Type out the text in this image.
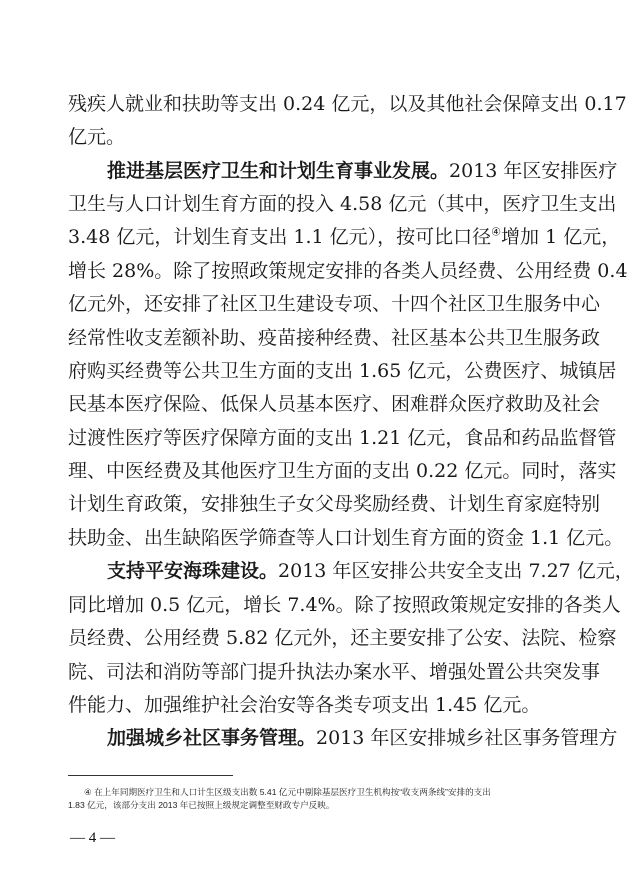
残疾人就业和扶助等支出 0.24 亿元，以及其他社会保障支出 0.17
亿元。
推进基层医疗卫生和计划生育事业发展。2013 年区安排医疗
卫生与人口计划生育方面的投入 4.58 亿元（其中，医疗卫生支出
3.48 亿元，计划生育支出 1.1 亿元），按可比口径④增加 1 亿元，
增长 28%。除了按照政策规定安排的各类人员经费、公用经费 0.4
亿元外，还安排了社区卫生建设专项、十四个社区卫生服务中心
经常性收支差额补助、疫苗接种经费、社区基本公共卫生服务政
府购买经费等公共卫生方面的支出 1.65 亿元，公费医疗、城镇居
民基本医疗保险、低保人员基本医疗、困难群众医疗救助及社会
过渡性医疗等医疗保障方面的支出 1.21 亿元，食品和药品监督管
理、中医经费及其他医疗卫生方面的支出 0.22 亿元。同时，落实
计划生育政策，安排独生子女父母奖励经费、计划生育家庭特别
扶助金、出生缺陷医学筛查等人口计划生育方面的资金 1.1 亿元。
支持平安海珠建设。2013 年区安排公共安全支出 7.27 亿元，
同比增加 0.5 亿元，增长 7.4%。除了按照政策规定安排的各类人
员经费、公用经费 5.82 亿元外，还主要安排了公安、法院、检察
院、司法和消防等部门提升执法办案水平、增强处置公共突发事
件能力、加强维护社会治安等各类专项支出 1.45 亿元。
加强城乡社区事务管理。2013 年区安排城乡社区事务管理方
④ 在上年同期医疗卫生和人口计生区级支出数 5.41 亿元中剔除基层医疗卫生机构按“收支两条线”安排的支出
1.83 亿元，该部分支出 2013 年已按照上级规定调整至财政专户反映。
— 4 —
